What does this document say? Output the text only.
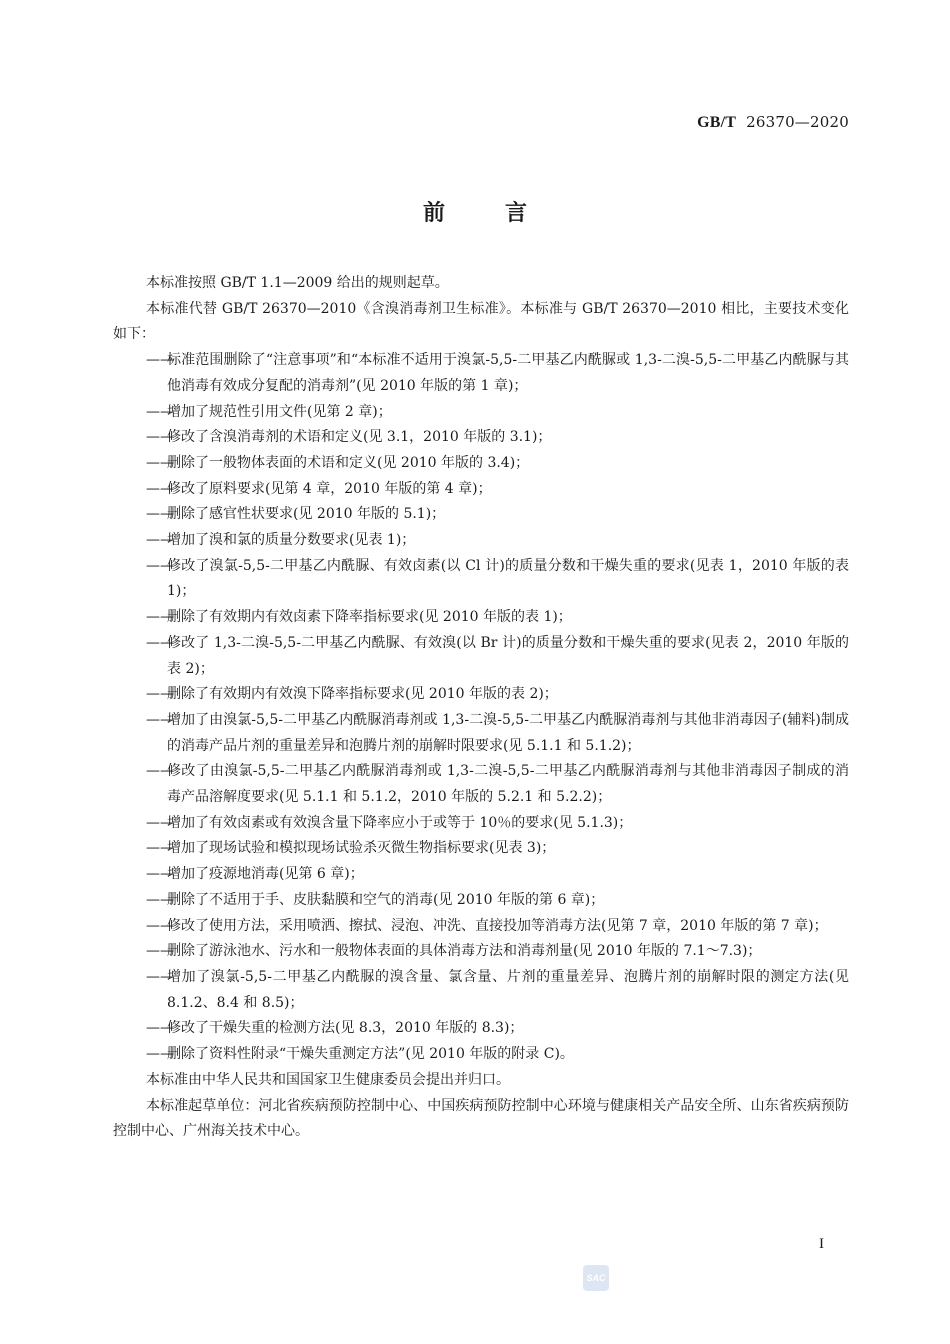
GB/T 26370—2020
前	言

本标准按照 GB/T 1.1—2009 给出的规则起草。

本标准代替 GB/T 26370—2010《含溴消毒剂卫生标准》。本标准与 GB/T 26370—2010 相比，主要技术变化如下：

——
标准范围删除了“注意事项”和“本标准不适用于溴氯-5,5-二甲基乙内酰脲或 1,3-二溴-5,5-二甲基乙内酰脲与其他消毒有效成分复配的消毒剂”(见 2010 年版的第 1 章)；

——
增加了规范性引用文件(见第 2 章)；

——
修改了含溴消毒剂的术语和定义(见 3.1，2010 年版的 3.1)；

——
删除了一般物体表面的术语和定义(见 2010 年版的 3.4)；

——
修改了原料要求(见第 4 章，2010 年版的第 4 章)；

——
删除了感官性状要求(见 2010 年版的 5.1)；

——
增加了溴和氯的质量分数要求(见表 1)；

——
修改了溴氯-5,5-二甲基乙内酰脲、有效卤素(以 Cl 计)的质量分数和干燥失重的要求(见表 1，2010 年版的表 1)；

——
删除了有效期内有效卤素下降率指标要求(见 2010 年版的表 1)；

——
修改了 1,3-二溴-5,5-二甲基乙内酰脲、有效溴(以 Br 计)的质量分数和干燥失重的要求(见表 2，2010 年版的表 2)；

——
删除了有效期内有效溴下降率指标要求(见 2010 年版的表 2)；

——
增加了由溴氯-5,5-二甲基乙内酰脲消毒剂或 1,3-二溴-5,5-二甲基乙内酰脲消毒剂与其他非消毒因子(辅料)制成的消毒产品片剂的重量差异和泡腾片剂的崩解时限要求(见 5.1.1 和 5.1.2)；

——
修改了由溴氯-5,5-二甲基乙内酰脲消毒剂或 1,3-二溴-5,5-二甲基乙内酰脲消毒剂与其他非消毒因子制成的消毒产品溶解度要求(见 5.1.1 和 5.1.2，2010 年版的 5.2.1 和 5.2.2)；

——
增加了有效卤素或有效溴含量下降率应小于或等于 10％的要求(见 5.1.3)；

——
增加了现场试验和模拟现场试验杀灭微生物指标要求(见表 3)；

——
增加了疫源地消毒(见第 6 章)；

——
删除了不适用于手、皮肤黏膜和空气的消毒(见 2010 年版的第 6 章)；

——
修改了使用方法，采用喷洒、擦拭、浸泡、冲洗、直接投加等消毒方法(见第 7 章，2010 年版的第 7 章)；

——
删除了游泳池水、污水和一般物体表面的具体消毒方法和消毒剂量(见 2010 年版的 7.1～7.3)；

——
增加了溴氯-5,5-二甲基乙内酰脲的溴含量、氯含量、片剂的重量差异、泡腾片剂的崩解时限的测定方法(见 8.1.2、8.4 和 8.5)；

——
修改了干燥失重的检测方法(见 8.3，2010 年版的 8.3)；

——
删除了资料性附录“干燥失重测定方法”(见 2010 年版的附录 C)。

本标准由中华人民共和国国家卫生健康委员会提出并归口。

本标准起草单位：河北省疾病预防控制中心、中国疾病预防控制中心环境与健康相关产品安全所、山东省疾病预防控制中心、广州海关技术中心。

I
SAC
